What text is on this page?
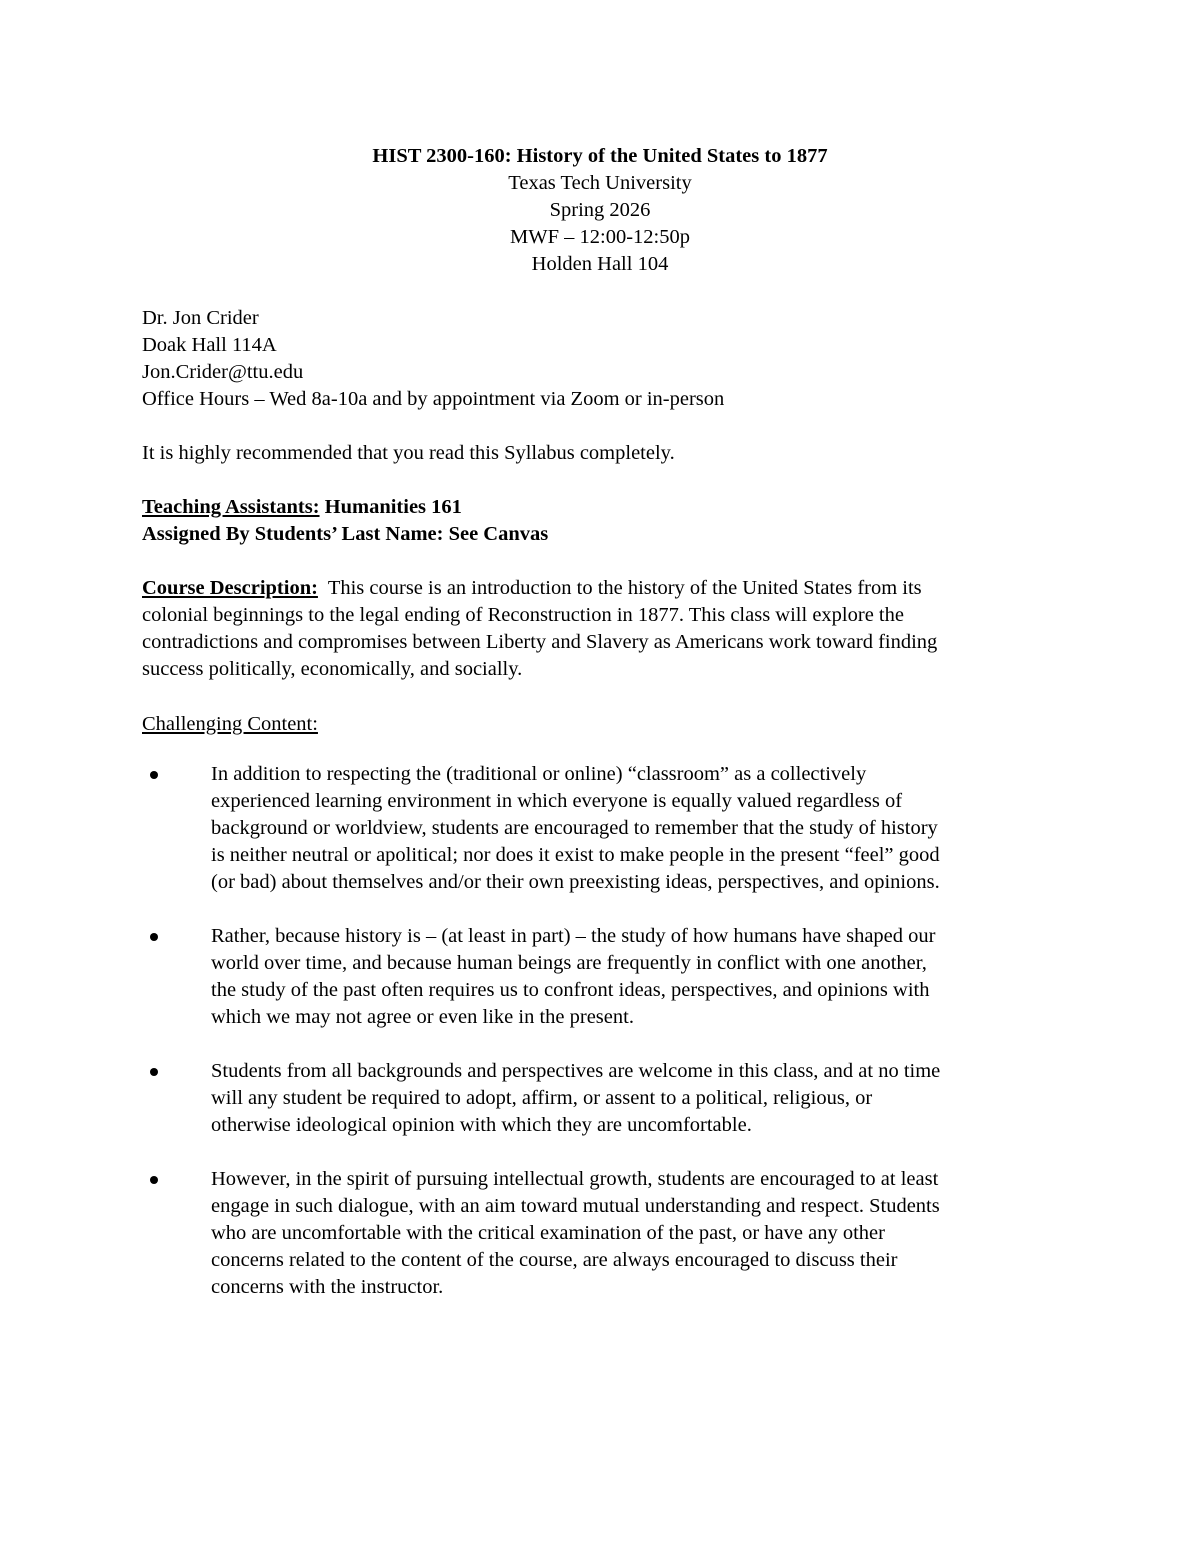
HIST 2300-160: History of the United States to 1877
Texas Tech University
Spring 2026
MWF – 12:00-12:50p
Holden Hall 104
Dr. Jon Crider
Doak Hall 114A
Jon.Crider@ttu.edu
Office Hours – Wed 8a-10a and by appointment via Zoom or in-person
It is highly recommended that you read this Syllabus completely.
Teaching Assistants: Humanities 161
Assigned By Students’ Last Name: See Canvas
Course Description:  This course is an introduction to the history of the United States from its
colonial beginnings to the legal ending of Reconstruction in 1877. This class will explore the
contradictions and compromises between Liberty and Slavery as Americans work toward finding
success politically, economically, and socially.
Challenging Content:
In addition to respecting the (traditional or online) “classroom” as a collectively
experienced learning environment in which everyone is equally valued regardless of
background or worldview, students are encouraged to remember that the study of history
is neither neutral or apolitical; nor does it exist to make people in the present “feel” good
(or bad) about themselves and/or their own preexisting ideas, perspectives, and opinions.
Rather, because history is – (at least in part) – the study of how humans have shaped our
world over time, and because human beings are frequently in conflict with one another,
the study of the past often requires us to confront ideas, perspectives, and opinions with
which we may not agree or even like in the present.
Students from all backgrounds and perspectives are welcome in this class, and at no time
will any student be required to adopt, affirm, or assent to a political, religious, or
otherwise ideological opinion with which they are uncomfortable.
However, in the spirit of pursuing intellectual growth, students are encouraged to at least
engage in such dialogue, with an aim toward mutual understanding and respect. Students
who are uncomfortable with the critical examination of the past, or have any other
concerns related to the content of the course, are always encouraged to discuss their
concerns with the instructor.
